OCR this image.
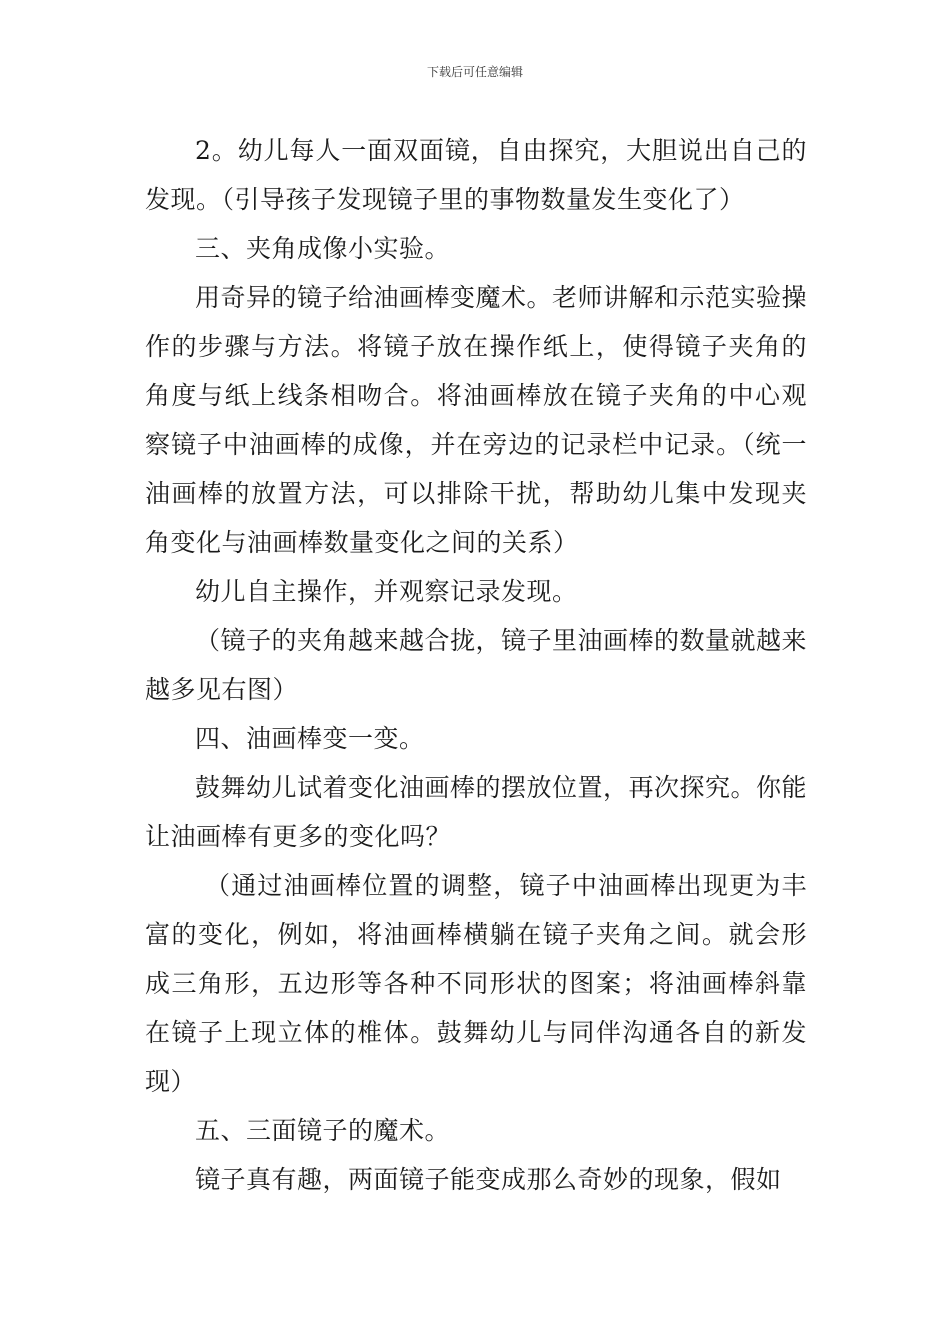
下载后可任意编辑

2。幼儿每人一面双面镜，自由探究，大胆说出自己的发现。（引导孩子发现镜子里的事物数量发生变化了）

三、夹角成像小实验。

用奇异的镜子给油画棒变魔术。老师讲解和示范实验操作的步骤与方法。将镜子放在操作纸上，使得镜子夹角的角度与纸上线条相吻合。将油画棒放在镜子夹角的中心观察镜子中油画棒的成像，并在旁边的记录栏中记录。（统一油画棒的放置方法，可以排除干扰，帮助幼儿集中发现夹角变化与油画棒数量变化之间的关系）

幼儿自主操作，并观察记录发现。

（镜子的夹角越来越合拢，镜子里油画棒的数量就越来越多见右图）

四、油画棒变一变。

鼓舞幼儿试着变化油画棒的摆放位置，再次探究。你能让油画棒有更多的变化吗？

（通过油画棒位置的调整，镜子中油画棒出现更为丰富的变化，例如，将油画棒横躺在镜子夹角之间。就会形成三角形，五边形等各种不同形状的图案；将油画棒斜靠在镜子上现立体的椎体。鼓舞幼儿与同伴沟通各自的新发现）

五、三面镜子的魔术。

镜子真有趣，两面镜子能变成那么奇妙的现象，假如
